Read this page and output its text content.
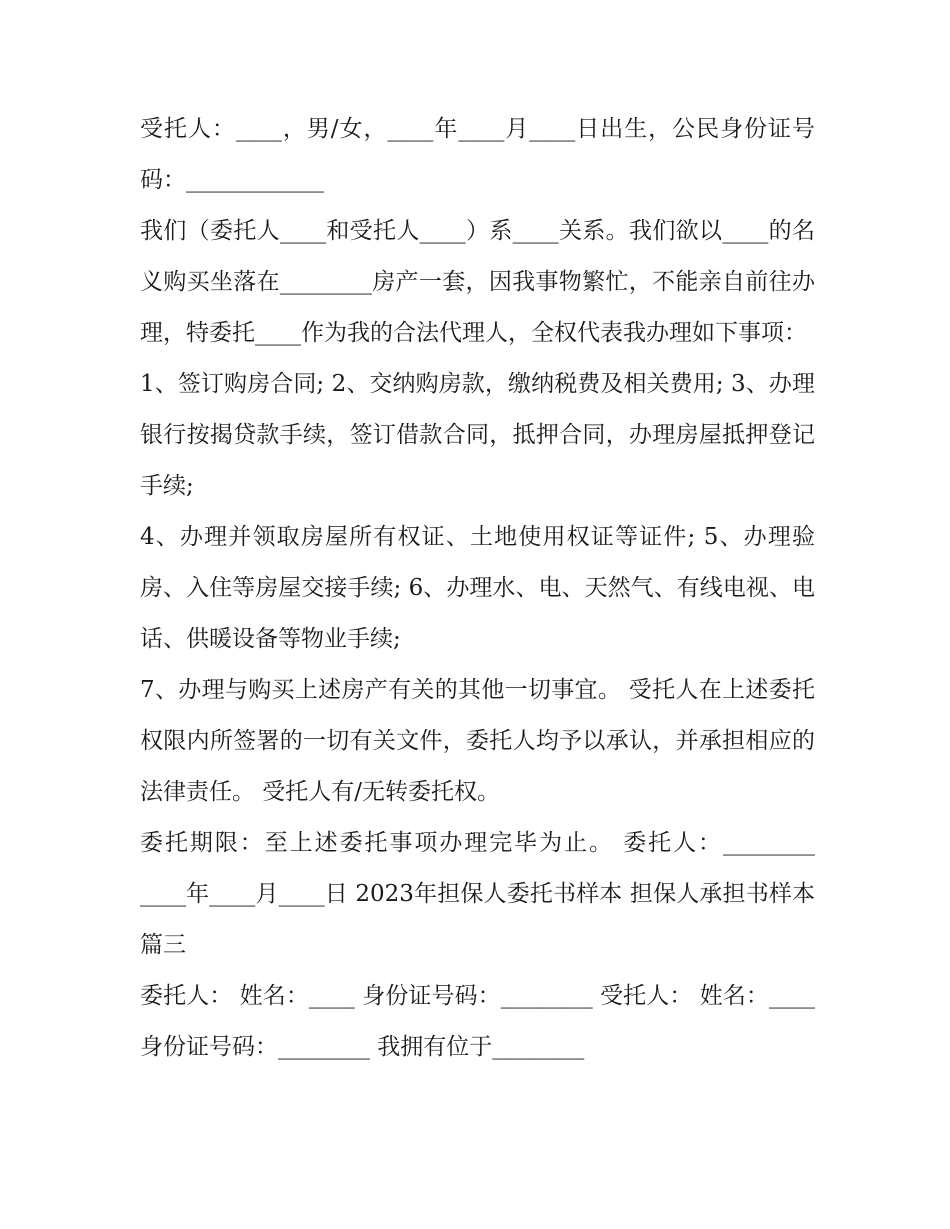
受托人：____，男/女，____年____月____日出生，公民身份证号码：____________

我们（委托人____和受托人____）系____关系。我们欲以____的名义购买坐落在________房产一套，因我事物繁忙，不能亲自前往办理，特委托____作为我的合法代理人，全权代表我办理如下事项：

1、签订购房合同; 2、交纳购房款，缴纳税费及相关费用; 3、办理银行按揭贷款手续，签订借款合同，抵押合同，办理房屋抵押登记手续;

4、办理并领取房屋所有权证、土地使用权证等证件; 5、办理验房、入住等房屋交接手续; 6、办理水、电、天然气、有线电视、电话、供暖设备等物业手续;

7、办理与购买上述房产有关的其他一切事宜。 受托人在上述委托权限内所签署的一切有关文件，委托人均予以承认，并承担相应的法律责任。 受托人有/无转委托权。

委托期限：至上述委托事项办理完毕为止。 委托人：________ ____年____月____日 2023年担保人委托书样本 担保人承担书样本篇三

委托人： 姓名：____ 身份证号码：________ 受托人： 姓名：____ 身份证号码：________ 我拥有位于________
